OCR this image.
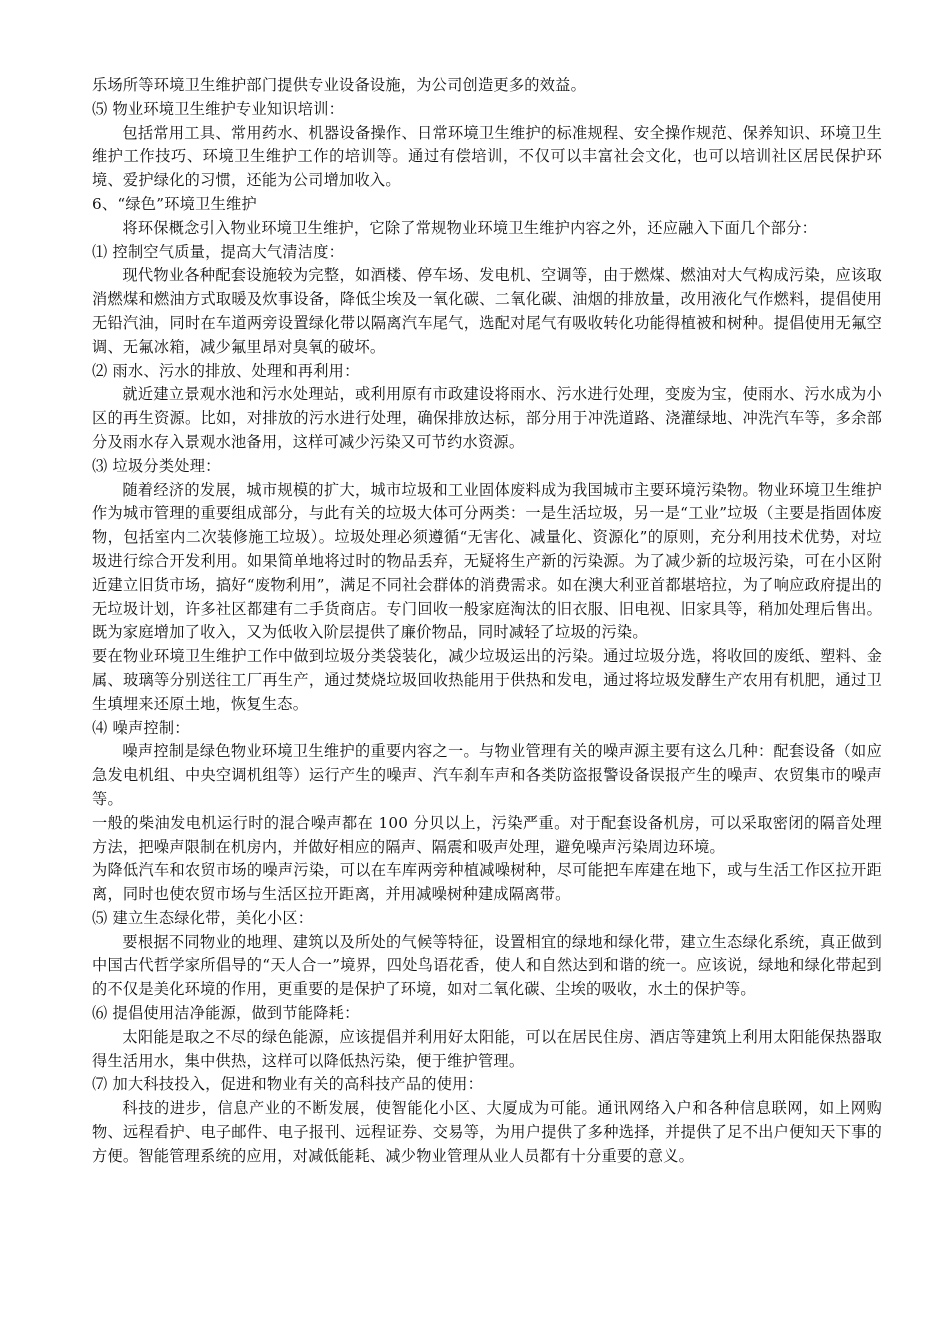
乐场所等环境卫生维护部门提供专业设备设施，为公司创造更多的效益。

⑸ 物业环境卫生维护专业知识培训：

包括常用工具、常用药水、机器设备操作、日常环境卫生维护的标准规程、安全操作规范、保养知识、环境卫生维护工作技巧、环境卫生维护工作的培训等。通过有偿培训，不仅可以丰富社会文化，也可以培训社区居民保护环境、爱护绿化的习惯，还能为公司增加收入。

6、“绿色”环境卫生维护

将环保概念引入物业环境卫生维护，它除了常规物业环境卫生维护内容之外，还应融入下面几个部分：

⑴ 控制空气质量，提高大气清洁度：

现代物业各种配套设施较为完整，如酒楼、停车场、发电机、空调等，由于燃煤、燃油对大气构成污染，应该取消燃煤和燃油方式取暖及炊事设备，降低尘埃及一氧化碳、二氧化碳、油烟的排放量，改用液化气作燃料，提倡使用无铅汽油，同时在车道两旁设置绿化带以隔离汽车尾气，选配对尾气有吸收转化功能得植被和树种。提倡使用无氟空调、无氟冰箱，减少氟里昂对臭氧的破坏。

⑵ 雨水、污水的排放、处理和再利用：

就近建立景观水池和污水处理站，或利用原有市政建设将雨水、污水进行处理，变废为宝，使雨水、污水成为小区的再生资源。比如，对排放的污水进行处理，确保排放达标，部分用于冲洗道路、浇灌绿地、冲洗汽车等，多余部分及雨水存入景观水池备用，这样可减少污染又可节约水资源。

⑶ 垃圾分类处理：

随着经济的发展，城市规模的扩大，城市垃圾和工业固体废料成为我国城市主要环境污染物。物业环境卫生维护作为城市管理的重要组成部分，与此有关的垃圾大体可分两类：一是生活垃圾，另一是“工业”垃圾（主要是指固体废物，包括室内二次装修施工垃圾）。垃圾处理必须遵循“无害化、减量化、资源化”的原则，充分利用技术优势，对垃圾进行综合开发利用。如果简单地将过时的物品丢弃，无疑将生产新的污染源。为了减少新的垃圾污染，可在小区附近建立旧货市场，搞好“废物利用”，满足不同社会群体的消费需求。如在澳大利亚首都堪培拉，为了响应政府提出的无垃圾计划，许多社区都建有二手货商店。专门回收一般家庭淘汰的旧衣服、旧电视、旧家具等，稍加处理后售出。既为家庭增加了收入，又为低收入阶层提供了廉价物品，同时减轻了垃圾的污染。

要在物业环境卫生维护工作中做到垃圾分类袋装化，减少垃圾运出的污染。通过垃圾分选，将收回的废纸、塑料、金属、玻璃等分别送往工厂再生产，通过焚烧垃圾回收热能用于供热和发电，通过将垃圾发酵生产农用有机肥，通过卫生填埋来还原土地，恢复生态。

⑷ 噪声控制：

噪声控制是绿色物业环境卫生维护的重要内容之一。与物业管理有关的噪声源主要有这么几种：配套设备（如应急发电机组、中央空调机组等）运行产生的噪声、汽车刹车声和各类防盗报警设备误报产生的噪声、农贸集市的噪声等。

一般的柴油发电机运行时的混合噪声都在 100 分贝以上，污染严重。对于配套设备机房，可以采取密闭的隔音处理方法，把噪声限制在机房内，并做好相应的隔声、隔震和吸声处理，避免噪声污染周边环境。

为降低汽车和农贸市场的噪声污染，可以在车库两旁种植减噪树种，尽可能把车库建在地下，或与生活工作区拉开距离，同时也使农贸市场与生活区拉开距离，并用减噪树种建成隔离带。

⑸ 建立生态绿化带，美化小区：

要根据不同物业的地理、建筑以及所处的气候等特征，设置相宜的绿地和绿化带，建立生态绿化系统，真正做到中国古代哲学家所倡导的“天人合一”境界，四处鸟语花香，使人和自然达到和谐的统一。应该说，绿地和绿化带起到的不仅是美化环境的作用，更重要的是保护了环境，如对二氧化碳、尘埃的吸收，水土的保护等。

⑹ 提倡使用洁净能源，做到节能降耗：

太阳能是取之不尽的绿色能源，应该提倡并利用好太阳能，可以在居民住房、酒店等建筑上利用太阳能保热器取得生活用水，集中供热，这样可以降低热污染，便于维护管理。

⑺ 加大科技投入，促进和物业有关的高科技产品的使用：

科技的进步，信息产业的不断发展，使智能化小区、大厦成为可能。通讯网络入户和各种信息联网，如上网购物、远程看护、电子邮件、电子报刊、远程证券、交易等，为用户提供了多种选择，并提供了足不出户便知天下事的方便。智能管理系统的应用，对减低能耗、减少物业管理从业人员都有十分重要的意义。
